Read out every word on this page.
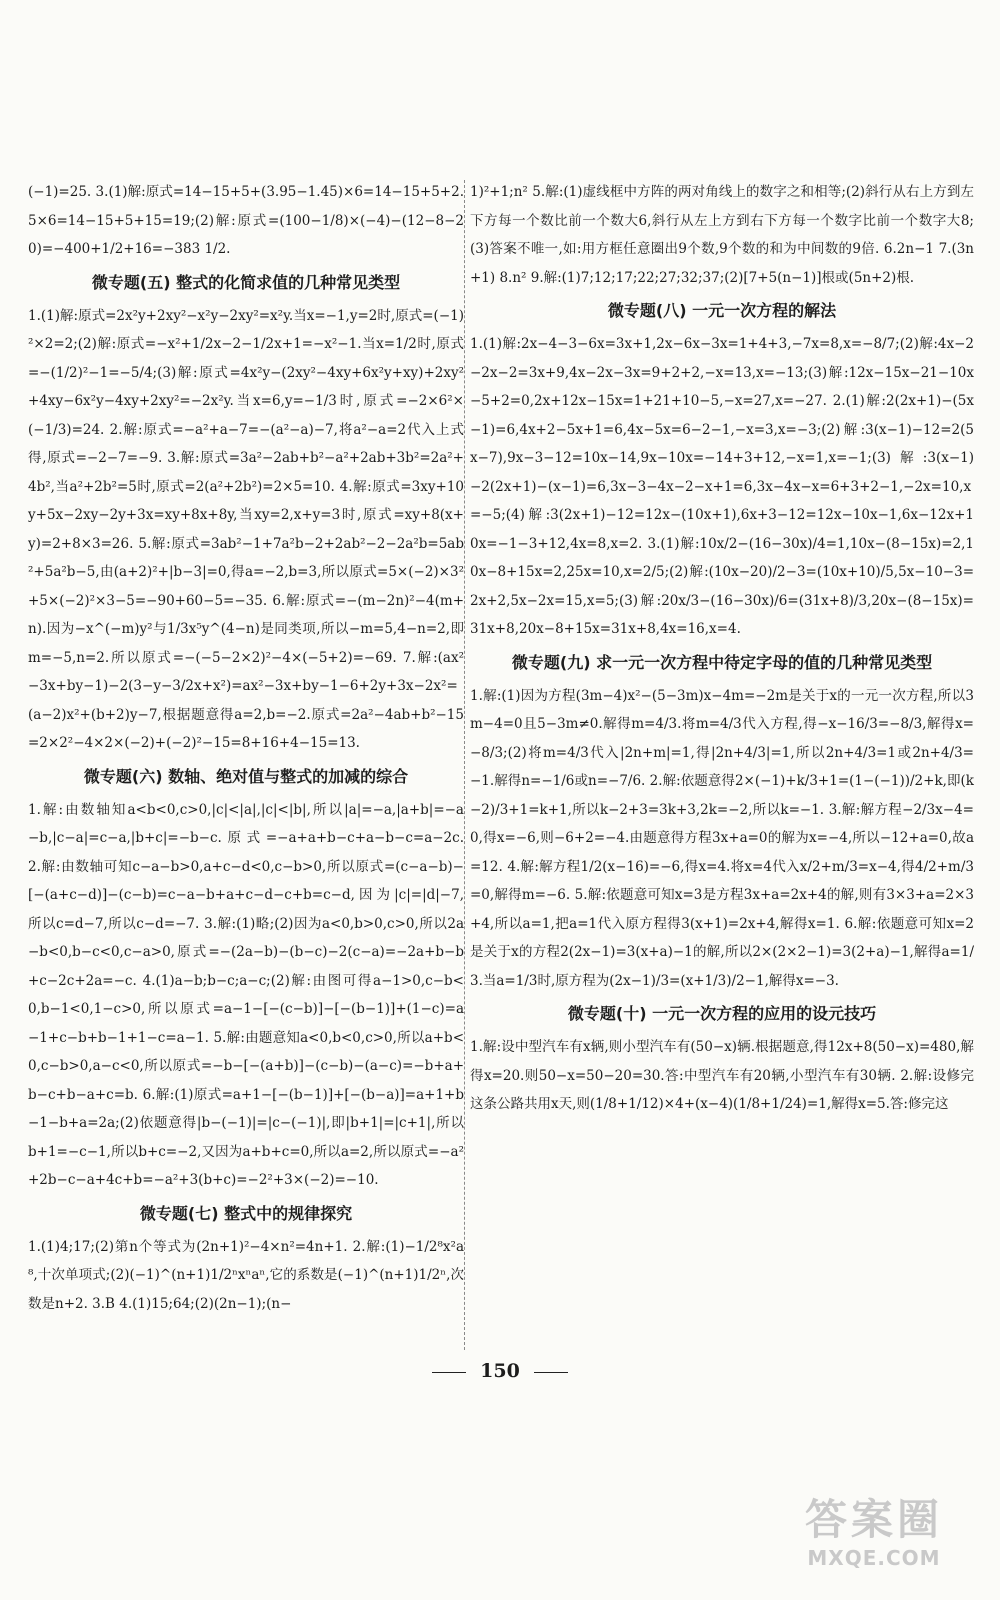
(−1)=25. 3.(1)解:原式=14−15+5+(3.95−1.45)×6=14−15+5+2.5×6=14−15+5+15=19;(2)解:原式=(100−1/8)×(−4)−(12−8−20)=−400+1/2+16=−383 1/2.

微专题(五) 整式的化简求值的几种常见类型

1.(1)解:原式=2x²y+2xy²−x²y−2xy²=x²y.当x=−1,y=2时,原式=(−1)²×2=2;(2)解:原式=−x²+1/2x−2−1/2x+1=−x²−1.当x=1/2时,原式=−(1/2)²−1=−5/4;(3)解:原式=4x²y−(2xy²−4xy+6x²y+xy)+2xy²+4xy−6x²y−4xy+2xy²=−2x²y.当x=6,y=−1/3时,原式=−2×6²×(−1/3)=24. 2.解:原式=−a²+a−7=−(a²−a)−7,将a²−a=2代入上式得,原式=−2−7=−9. 3.解:原式=3a²−2ab+b²−a²+2ab+3b²=2a²+4b²,当a²+2b²=5时,原式=2(a²+2b²)=2×5=10. 4.解:原式=3xy+10y+5x−2xy−2y+3x=xy+8x+8y,当xy=2,x+y=3时,原式=xy+8(x+y)=2+8×3=26. 5.解:原式=3ab²−1+7a²b−2+2ab²−2−2a²b=5ab²+5a²b−5,由(a+2)²+|b−3|=0,得a=−2,b=3,所以原式=5×(−2)×3²+5×(−2)²×3−5=−90+60−5=−35. 6.解:原式=−(m−2n)²−4(m+n).因为−x^(−m)y²与1/3x⁵y^(4−n)是同类项,所以−m=5,4−n=2,即m=−5,n=2.所以原式=−(−5−2×2)²−4×(−5+2)=−69. 7.解:(ax²−3x+by−1)−2(3−y−3/2x+x²)=ax²−3x+by−1−6+2y+3x−2x²=(a−2)x²+(b+2)y−7,根据题意得a=2,b=−2.原式=2a²−4ab+b²−15=2×2²−4×2×(−2)+(−2)²−15=8+16+4−15=13.

微专题(六) 数轴、绝对值与整式的加减的综合

1.解:由数轴知a<b<0,c>0,|c|<|a|,|c|<|b|,所以|a|=−a,|a+b|=−a−b,|c−a|=c−a,|b+c|=−b−c.原式=−a+a+b−c+a−b−c=a−2c. 2.解:由数轴可知c−a−b>0,a+c−d<0,c−b>0,所以原式=(c−a−b)−[−(a+c−d)]−(c−b)=c−a−b+a+c−d−c+b=c−d,因为|c|=|d|−7,所以c=d−7,所以c−d=−7. 3.解:(1)略;(2)因为a<0,b>0,c>0,所以2a−b<0,b−c<0,c−a>0,原式=−(2a−b)−(b−c)−2(c−a)=−2a+b−b+c−2c+2a=−c. 4.(1)a−b;b−c;a−c;(2)解:由图可得a−1>0,c−b<0,b−1<0,1−c>0,所以原式=a−1−[−(c−b)]−[−(b−1)]+(1−c)=a−1+c−b+b−1+1−c=a−1. 5.解:由题意知a<0,b<0,c>0,所以a+b<0,c−b>0,a−c<0,所以原式=−b−[−(a+b)]−(c−b)−(a−c)=−b+a+b−c+b−a+c=b. 6.解:(1)原式=a+1−[−(b−1)]+[−(b−a)]=a+1+b−1−b+a=2a;(2)依题意得|b−(−1)|=|c−(−1)|,即|b+1|=|c+1|,所以b+1=−c−1,所以b+c=−2,又因为a+b+c=0,所以a=2,所以原式=−a²+2b−c−a+4c+b=−a²+3(b+c)=−2²+3×(−2)=−10.

微专题(七) 整式中的规律探究

1.(1)4;17;(2)第n个等式为(2n+1)²−4×n²=4n+1. 2.解:(1)−1/2⁸x²a⁸,十次单项式;(2)(−1)^(n+1)1/2ⁿxⁿaⁿ,它的系数是(−1)^(n+1)1/2ⁿ,次数是n+2. 3.B 4.(1)15;64;(2)(2n−1);(n−

1)²+1;n² 5.解:(1)虚线框中方阵的两对角线上的数字之和相等;(2)斜行从右上方到左下方每一个数比前一个数大6,斜行从左上方到右下方每一个数字比前一个数字大8;(3)答案不唯一,如:用方框任意圈出9个数,9个数的和为中间数的9倍. 6.2n−1 7.(3n+1) 8.n² 9.解:(1)7;12;17;22;27;32;37;(2)[7+5(n−1)]根或(5n+2)根.

微专题(八) 一元一次方程的解法

1.(1)解:2x−4−3−6x=3x+1,2x−6x−3x=1+4+3,−7x=8,x=−8/7;(2)解:4x−2−2x−2=3x+9,4x−2x−3x=9+2+2,−x=13,x=−13;(3)解:12x−15x−21−10x−5+2=0,2x+12x−15x=1+21+10−5,−x=27,x=−27. 2.(1)解:2(2x+1)−(5x−1)=6,4x+2−5x+1=6,4x−5x=6−2−1,−x=3,x=−3;(2)解:3(x−1)−12=2(5x−7),9x−3−12=10x−14,9x−10x=−14+3+12,−x=1,x=−1;(3)解:3(x−1)−2(2x+1)−(x−1)=6,3x−3−4x−2−x+1=6,3x−4x−x=6+3+2−1,−2x=10,x=−5;(4)解:3(2x+1)−12=12x−(10x+1),6x+3−12=12x−10x−1,6x−12x+10x=−1−3+12,4x=8,x=2. 3.(1)解:10x/2−(16−30x)/4=1,10x−(8−15x)=2,10x−8+15x=2,25x=10,x=2/5;(2)解:(10x−20)/2−3=(10x+10)/5,5x−10−3=2x+2,5x−2x=15,x=5;(3)解:20x/3−(16−30x)/6=(31x+8)/3,20x−(8−15x)=31x+8,20x−8+15x=31x+8,4x=16,x=4.

微专题(九) 求一元一次方程中待定字母的值的几种常见类型

1.解:(1)因为方程(3m−4)x²−(5−3m)x−4m=−2m是关于x的一元一次方程,所以3m−4=0且5−3m≠0.解得m=4/3.将m=4/3代入方程,得−x−16/3=−8/3,解得x=−8/3;(2)将m=4/3代入|2n+m|=1,得|2n+4/3|=1,所以2n+4/3=1或2n+4/3=−1.解得n=−1/6或n=−7/6. 2.解:依题意得2×(−1)+k/3+1=(1−(−1))/2+k,即(k−2)/3+1=k+1,所以k−2+3=3k+3,2k=−2,所以k=−1. 3.解:解方程−2/3x−4=0,得x=−6,则−6+2=−4.由题意得方程3x+a=0的解为x=−4,所以−12+a=0,故a=12. 4.解:解方程1/2(x−16)=−6,得x=4.将x=4代入x/2+m/3=x−4,得4/2+m/3=0,解得m=−6. 5.解:依题意可知x=3是方程3x+a=2x+4的解,则有3×3+a=2×3+4,所以a=1,把a=1代入原方程得3(x+1)=2x+4,解得x=1. 6.解:依题意可知x=2是关于x的方程2(2x−1)=3(x+a)−1的解,所以2×(2×2−1)=3(2+a)−1,解得a=1/3.当a=1/3时,原方程为(2x−1)/3=(x+1/3)/2−1,解得x=−3.

微专题(十) 一元一次方程的应用的设元技巧

1.解:设中型汽车有x辆,则小型汽车有(50−x)辆.根据题意,得12x+8(50−x)=480,解得x=20.则50−x=50−20=30.答:中型汽车有20辆,小型汽车有30辆. 2.解:设修完这条公路共用x天,则(1/8+1/12)×4+(x−4)(1/8+1/24)=1,解得x=5.答:修完这

150
答案圈
MXQE.COM
